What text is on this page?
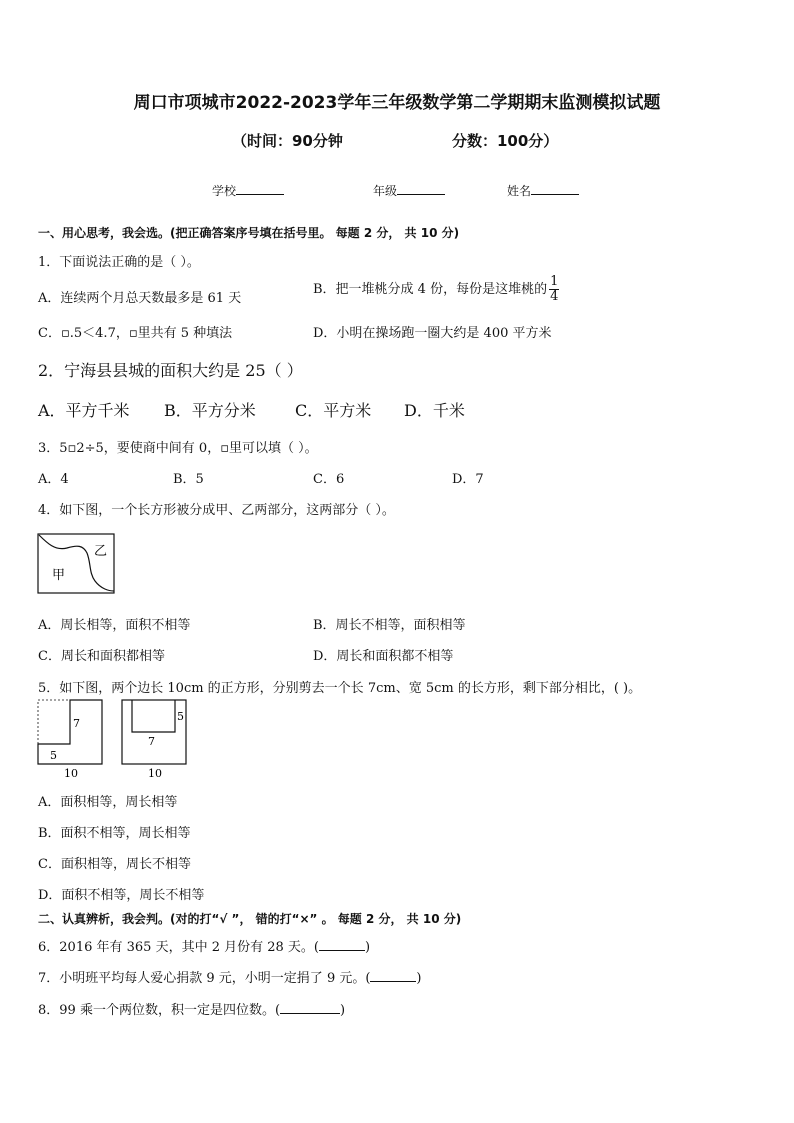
周口市项城市2022-2023学年三年级数学第二学期期末监测模拟试题
（时间：90分钟	分数：100分）
学校	年级	姓名
一、用心思考，我会选。(把正确答案序号填在括号里。 每题 2 分， 共 10 分)
1．下面说法正确的是（ ）。
A．连续两个月总天数最多是 61 天
B．把一堆桃分成 4 份，每份是这堆桃的 $\frac{1}{4}$
C．▫.5＜4.7，▫里共有 5 种填法	D．小明在操场跑一圈大约是 400 平方米
2．宁海县县城的面积大约是 25（ ）
A．平方千米 B．平方分米 C．平方米 D．千米
3．5▫2÷5，要使商中间有 0，▫里可以填（ ）。
A．4	B．5	C．6	D．7
4．如下图，一个长方形被分成甲、乙两部分，这两部分（ ）。
甲
乙
A．周长相等，面积不相等	B．周长不相等，面积相等
C．周长和面积都相等	D．周长和面积都不相等
5．如下图，两个边长 10cm 的正方形，分别剪去一个长 7cm、宽 5cm 的长方形，剩下部分相比，( )。
7
5
10
5
7
10
A．面积相等，周长相等
B．面积不相等，周长相等
C．面积相等，周长不相等
D．面积不相等，周长不相等
二、认真辨析，我会判。(对的打“√ ”， 错的打“×” 。 每题 2 分， 共 10 分)
6．2016 年有 365 天，其中 2 月份有 28 天。(	)
7．小明班平均每人爱心捐款 9 元，小明一定捐了 9 元。(	)
8．99 乘一个两位数，积一定是四位数。(	)
